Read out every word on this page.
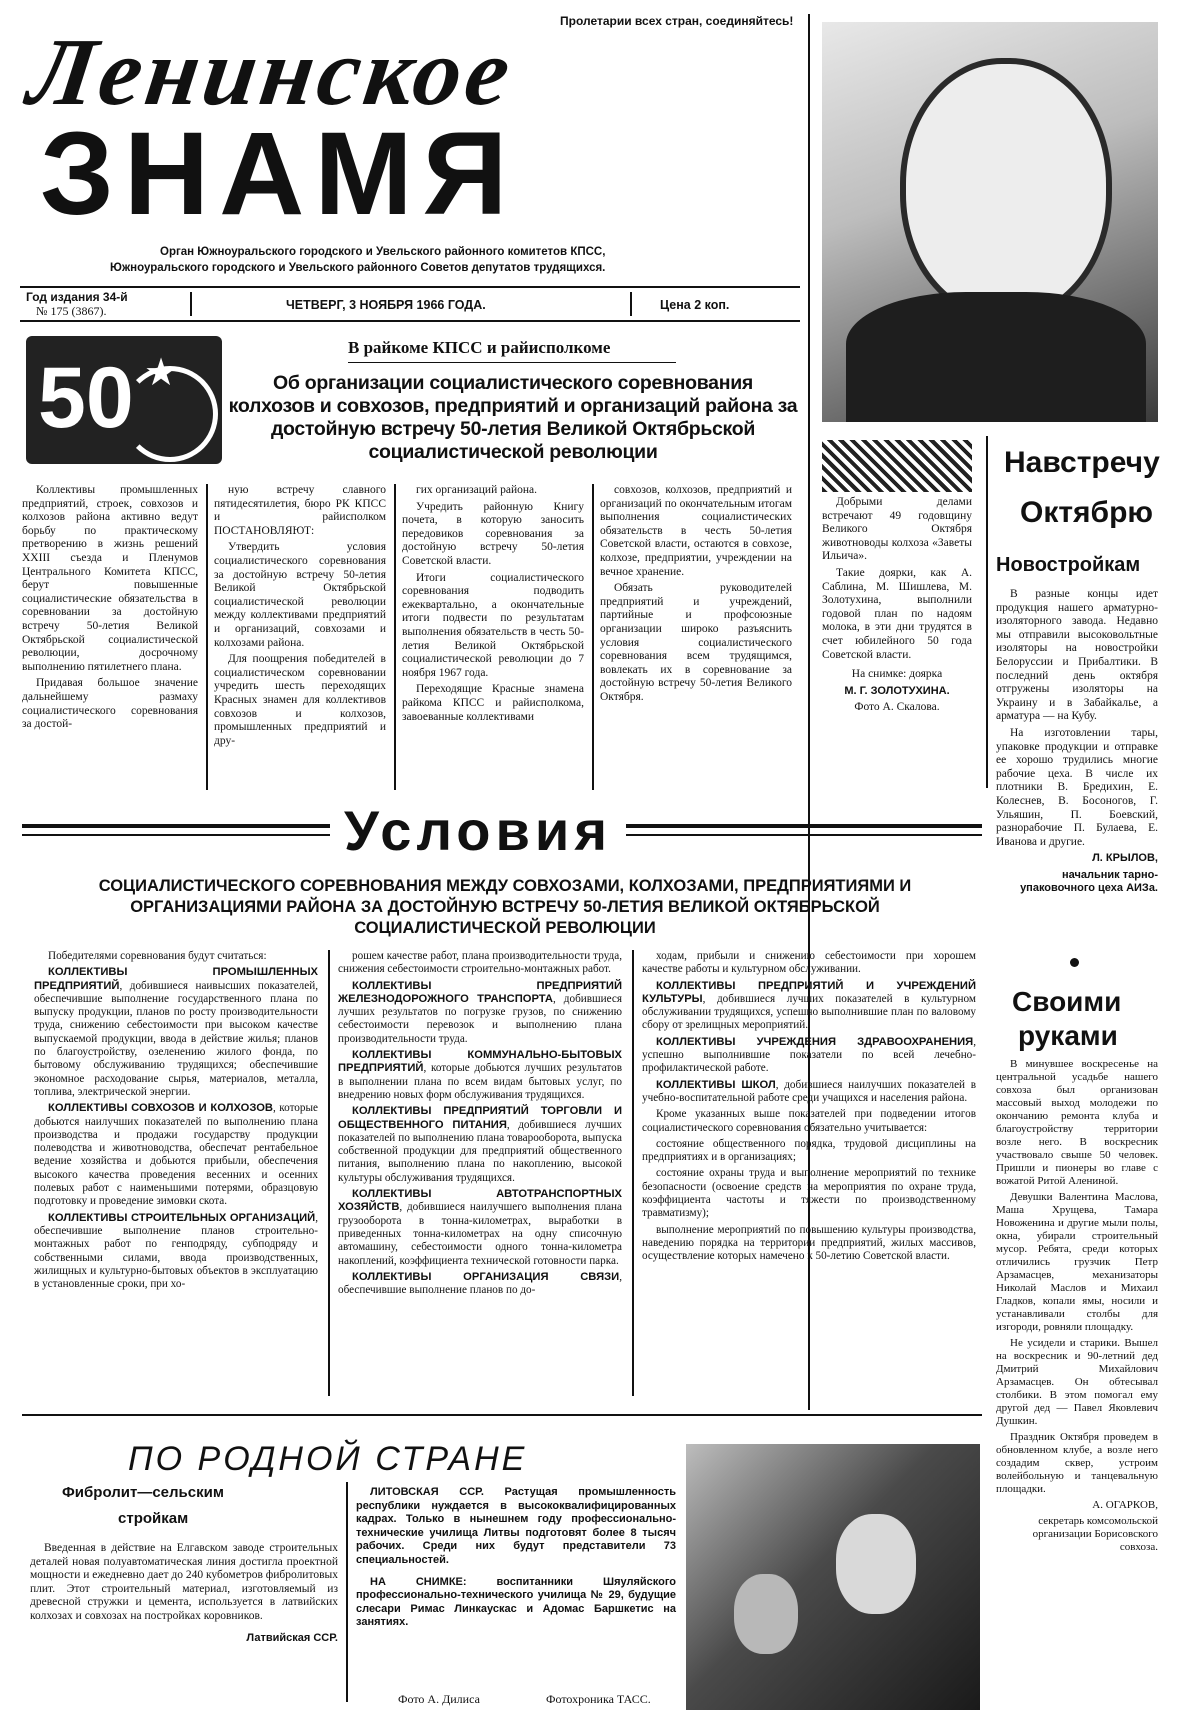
Пролетарии всех стран, соединяйтесь!
Ленинское
ЗНАМЯ
Орган Южноуральского городского и Увельского районного комитетов КПСС,
Южноуральского городского и Увельского районного Советов депутатов трудящихся.
Год издания 34-й
№ 175 (3867).	ЧЕТВЕРГ, 3 НОЯБРЯ 1966 ГОДА.	Цена 2 коп.
★
50
В райкоме КПСС и райисполкоме
Об организации социалистического соревнования колхозов и совхозов, предприятий и организаций района за достойную встречу 50-летия Великой Октябрьской социалистической революции

Коллективы промышленных предприятий, строек, совхозов и колхозов района активно ведут борьбу по практическому претворению в жизнь решений XXIII съезда и Пленумов Центрального Комитета КПСС, берут повышенные социалистические обязательства в соревновании за достойную встречу 50-летия Великой Октябрьской социалистической революции, досрочному выполнению пятилетнего плана.

Придавая большое значение дальнейшему размаху социалистического соревнования за достой-

ную встречу славного пятидесятилетия, бюро РК КПСС и райисполком ПОСТАНОВЛЯЮТ:

Утвердить условия социалистического соревнования за достойную встречу 50-летия Великой Октябрьской социалистической революции между коллективами предприятий и организаций, совхозами и колхозами района.

Для поощрения победителей в социалистическом соревновании учредить шесть переходящих Красных знамен для коллективов совхозов и колхозов, промышленных предприятий и дру-

гих организаций района.

Учредить районную Книгу почета, в которую заносить передовиков соревнования за достойную встречу 50-летия Советской власти.

Итоги социалистического соревнования подводить ежеквартально, а окончательные итоги подвести по результатам выполнения обязательств в честь 50-летия Великой Октябрьской социалистической революции до 7 ноября 1967 года.

Переходящие Красные знамена райкома КПСС и райисполкома, завоеванные коллективами

совхозов, колхозов, предприятий и организаций по окончательным итогам выполнения социалистических обязательств в честь 50-летия Советской власти, остаются в совхозе, колхозе, предприятии, учреждении на вечное хранение.

Обязать руководителей предприятий и учреждений, партийные и профсоюзные организации широко разъяснить условия социалистического соревнования всем трудящимся, вовлекать их в соревнование за достойную встречу 50-летия Великого Октября.

Добрыми делами встречают 49 годовщину Великого Октября животноводы колхоза «Заветы Ильича».

Такие доярки, как А. Саблина, М. Шишлева, М. Золотухина, выполнили годовой план по надоям молока, в эти дни трудятся в счет юбилейного 50 года Советской власти.

На снимке: доярка

М. Г. ЗОЛОТУХИНА.

Фото А. Скалова.

Навстречу
Октябрю
Новостройкам

В разные концы идет продукция нашего арматурно-изоляторного завода. Недавно мы отправили высоковольтные изоляторы на новостройки Белоруссии и Прибалтики. В последний день октября отгружены изоляторы на Украину и в Забайкалье, а арматура — на Кубу.

На изготовлении тары, упаковке продукции и отправке ее хорошо трудились многие рабочие цеха. В числе их плотники В. Бредихин, Е. Колеснев, В. Босоногов, Г. Ульяшин, П. Боевский, разнорабочие П. Булаева, Е. Иванова и другие.

Л. КРЫЛОВ,

начальник тарно-упаковочного цеха АИЗа.

Своими
руками

В минувшее воскресенье на центральной усадьбе нашего совхоза был организован массовый выход молодежи по окончанию ремонта клуба и благоустройству территории возле него. В воскресник участвовало свыше 50 человек. Пришли и пионеры во главе с вожатой Ритой Алениной.

Девушки Валентина Маслова, Маша Хрущева, Тамара Новоженина и другие мыли полы, окна, убирали строительный мусор. Ребята, среди которых отличились грузчик Петр Арзамасцев, механизаторы Николай Маслов и Михаил Гладков, копали ямы, носили и устанавливали столбы для изгороди, ровняли площадку.

Не усидели и старики. Вышел на воскресник и 90-летний дед Дмитрий Михайлович Арзамасцев. Он обтесывал столбики. В этом помогал ему другой дед — Павел Яковлевич Душкин.

Праздник Октября проведем в обновленном клубе, а возле него создадим сквер, устроим волейбольную и танцевальную площадки.

А. ОГАРКОВ,

секретарь комсомольской организации Борисовского совхоза.

Условия
СОЦИАЛИСТИЧЕСКОГО СОРЕВНОВАНИЯ МЕЖДУ СОВХОЗАМИ, КОЛХОЗАМИ, ПРЕДПРИЯТИЯМИ И ОРГАНИЗАЦИЯМИ РАЙОНА ЗА ДОСТОЙНУЮ ВСТРЕЧУ 50-ЛЕТИЯ ВЕЛИКОЙ ОКТЯБРЬСКОЙ СОЦИАЛИСТИЧЕСКОЙ РЕВОЛЮЦИИ

Победителями соревнования будут считаться:

КОЛЛЕКТИВЫ ПРОМЫШЛЕННЫХ ПРЕДПРИЯТИЙ, добившиеся наивысших показателей, обеспечившие выполнение государственного плана по выпуску продукции, планов по росту производительности труда, снижению себестоимости при высоком качестве выпускаемой продукции, ввода в действие жилья; планов по благоустройству, озеленению жилого фонда, по бытовому обслуживанию трудящихся; обеспечившие экономное расходование сырья, материалов, металла, топлива, электрической энергии.

КОЛЛЕКТИВЫ СОВХОЗОВ И КОЛХОЗОВ, которые добьются наилучших показателей по выполнению плана производства и продажи государству продукции полеводства и животноводства, обеспечат рентабельное ведение хозяйства и добьются прибыли, обеспечения высокого качества проведения весенних и осенних полевых работ с наименьшими потерями, образцовую подготовку и проведение зимовки скота.

КОЛЛЕКТИВЫ СТРОИТЕЛЬНЫХ ОРГАНИЗАЦИЙ, обеспечившие выполнение планов строительно-монтажных работ по генподряду, субподряду и собственными силами, ввода производственных, жилищных и культурно-бытовых объектов в эксплуатацию в установленные сроки, при хо-

рошем качестве работ, плана производительности труда, снижения себестоимости строительно-монтажных работ.

КОЛЛЕКТИВЫ ПРЕДПРИЯТИЙ ЖЕЛЕЗНОДОРОЖНОГО ТРАНСПОРТА, добившиеся лучших результатов по погрузке грузов, по снижению себестоимости перевозок и выполнению плана производительности труда.

КОЛЛЕКТИВЫ КОММУНАЛЬНО-БЫТОВЫХ ПРЕДПРИЯТИЙ, которые добьются лучших результатов в выполнении плана по всем видам бытовых услуг, по внедрению новых форм обслуживания трудящихся.

КОЛЛЕКТИВЫ ПРЕДПРИЯТИЙ ТОРГОВЛИ И ОБЩЕСТВЕННОГО ПИТАНИЯ, добившиеся лучших показателей по выполнению плана товарооборота, выпуска собственной продукции для предприятий общественного питания, выполнению плана по накоплению, высокой культуры обслуживания трудящихся.

КОЛЛЕКТИВЫ АВТОТРАНСПОРТНЫХ ХОЗЯЙСТВ, добившиеся наилучшего выполнения плана грузооборота в тонна-километрах, выработки в приведенных тонна-километрах на одну списочную автомашину, себестоимости одного тонна-километра накоплений, коэффициента технической готовности парка.

КОЛЛЕКТИВЫ ОРГАНИЗАЦИЯ СВЯЗИ, обеспечившие выполнение планов по до-

ходам, прибыли и снижению себестоимости при хорошем качестве работы и культурном обслуживании.

КОЛЛЕКТИВЫ ПРЕДПРИЯТИЙ И УЧРЕЖДЕНИЙ КУЛЬТУРЫ, добившиеся лучших показателей в культурном обслуживании трудящихся, успешно выполнившие план по валовому сбору от зрелищных мероприятий.

КОЛЛЕКТИВЫ УЧРЕЖДЕНИЯ ЗДРАВООХРАНЕНИЯ, успешно выполнившие показатели по всей лечебно-профилактической работе.

КОЛЛЕКТИВЫ ШКОЛ, добившиеся наилучших показателей в учебно-воспитательной работе среди учащихся и населения района.

Кроме указанных выше показателей при подведении итогов социалистического соревнования обязательно учитывается:

состояние общественного порядка, трудовой дисциплины на предприятиях и в организациях;

состояние охраны труда и выполнение мероприятий по технике безопасности (освоение средств на мероприятия по охране труда, коэффициента частоты и тяжести по производственному травматизму);

выполнение мероприятий по повышению культуры производства, наведению порядка на территории предприятий, жилых массивов, осуществление которых намечено к 50-летию Советской власти.

ПО РОДНОЙ СТРАНЕ
Фибролит—сельским
стройкам

Введенная в действие на Елгавском заводе строительных деталей новая полуавтоматическая линия достигла проектной мощности и ежедневно дает до 240 кубометров фибролитовых плит. Этот строительный материал, изготовляемый из древесной стружки и цемента, используется в латвийских колхозах и совхозах на постройках коровников.

Латвийская ССР.

ЛИТОВСКАЯ ССР. Растущая промышленность республики нуждается в высококвалифицированных кадрах. Только в нынешнем году профессионально-технические училища Литвы подготовят более 8 тысяч рабочих. Среди них будут представители 73 специальностей.

НА СНИМКЕ: воспитанники Шяуляйского профессионально-технического училища № 29, будущие слесари Римас Линкаускас и Адомас Баршкетис на занятиях.

Фото А. Дилиса	Фотохроника ТАСС.
